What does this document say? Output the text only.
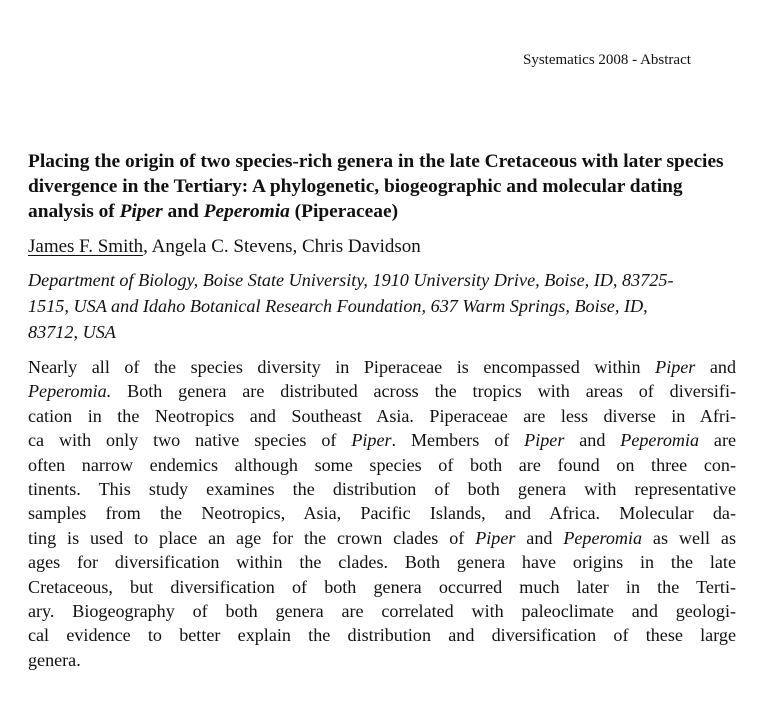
Systematics 2008 - Abstract
Placing the origin of two species-rich genera in the late Cretaceous with later species divergence in the Tertiary: A phylogenetic, biogeographic and molecular dating analysis of Piper and Peperomia (Piperaceae)
James F. Smith, Angela C. Stevens, Chris Davidson
Department of Biology, Boise State University, 1910 University Drive, Boise, ID, 83725-
1515, USA and Idaho Botanical Research Foundation, 637 Warm Springs, Boise, ID,
83712, USA
Nearly all of the species diversity in Piperaceae is encompassed within Piper and
Peperomia. Both genera are distributed across the tropics with areas of diversifi-
cation in the Neotropics and Southeast Asia. Piperaceae are less diverse in Afri-
ca with only two native species of Piper. Members of Piper and Peperomia are
often narrow endemics although some species of both are found on three con-
tinents. This study examines the distribution of both genera with representative
samples from the Neotropics, Asia, Pacific Islands, and Africa. Molecular da-
ting is used to place an age for the crown clades of Piper and Peperomia as well as
ages for diversification within the clades. Both genera have origins in the late
Cretaceous, but diversification of both genera occurred much later in the Terti-
ary. Biogeography of both genera are correlated with paleoclimate and geologi-
cal evidence to better explain the distribution and diversification of these large
genera.
